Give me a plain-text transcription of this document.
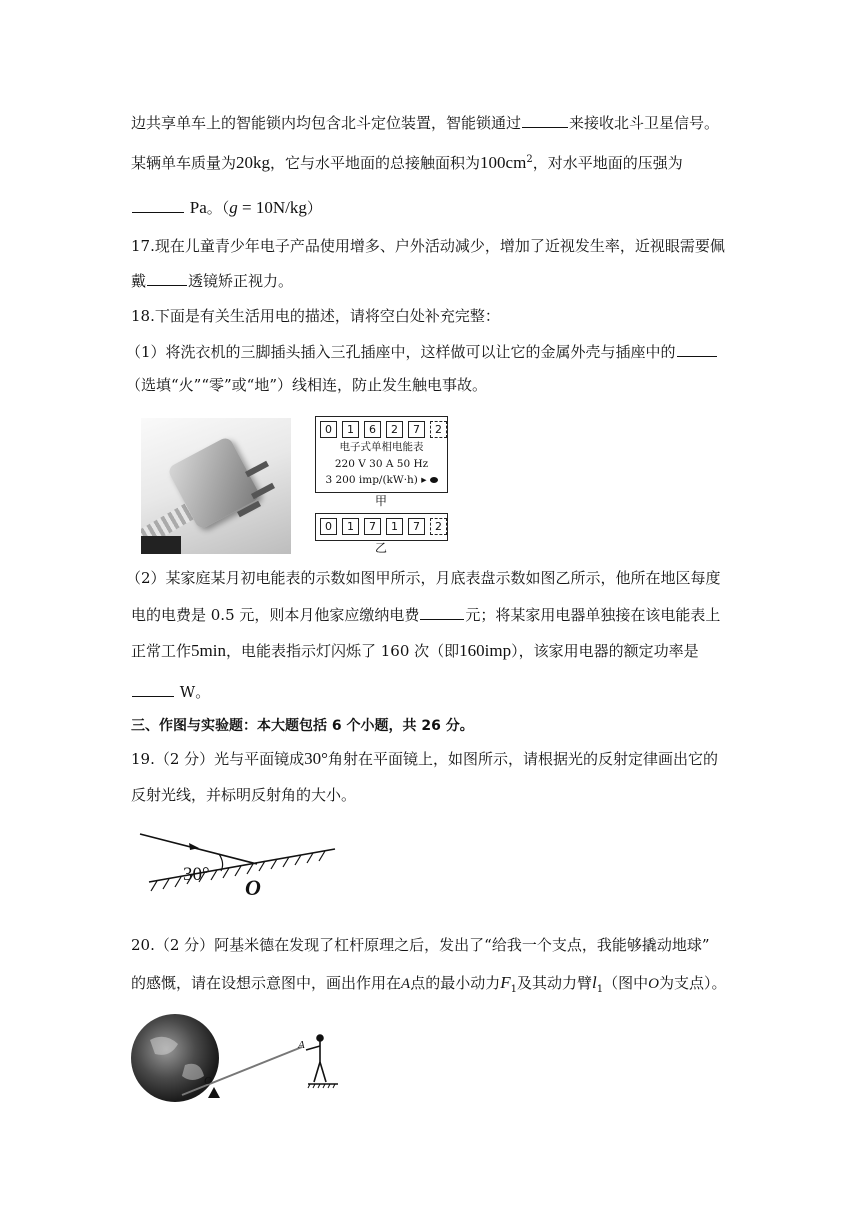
边共享单车上的智能锁内均包含北斗定位装置，智能锁通过	来接收北斗卫星信号。
某辆单车质量为20kg，它与水平地面的总接触面积为$100cm^2$，对水平地面的压强为
Pa。（g = 10N/kg）
17.现在儿童青少年电子产品使用增多、户外活动减少，增加了近视发生率，近视眼需要佩
戴	透镜矫正视力。
18.下面是有关生活用电的描述，请将空白处补充完整：
（1）将洗衣机的三脚插头插入三孔插座中，这样做可以让它的金属外壳与插座中的
（选填“火”“零”或“地”）线相连，防止发生触电事故。
0	1	6	2	7	2
电子式单相电能表
220 V 30 A 50 Hz
3 200 imp/(kW·h) ▸
甲
0	1	7	1	7	2
乙
（2）某家庭某月初电能表的示数如图甲所示，月底表盘示数如图乙所示，他所在地区每度
电的电费是 0.5 元，则本月他家应缴纳电费	元；将某家用电器单独接在该电能表上
正常工作5min，电能表指示灯闪烁了 160 次（即160imp），该家用电器的额定功率是
W。
三、作图与实验题：本大题包括 6 个小题，共 26 分。
19.（2 分）光与平面镜成30°角射在平面镜上，如图所示，请根据光的反射定律画出它的
反射光线，并标明反射角的大小。
30°
O
20.（2 分）阿基米德在发现了杠杆原理之后，发出了“给我一个支点，我能够撬动地球”
的感慨，请在设想示意图中，画出作用在A点的最小动力$F_1$及其动力臂$l_1$（图中O为支点）。
O
A
